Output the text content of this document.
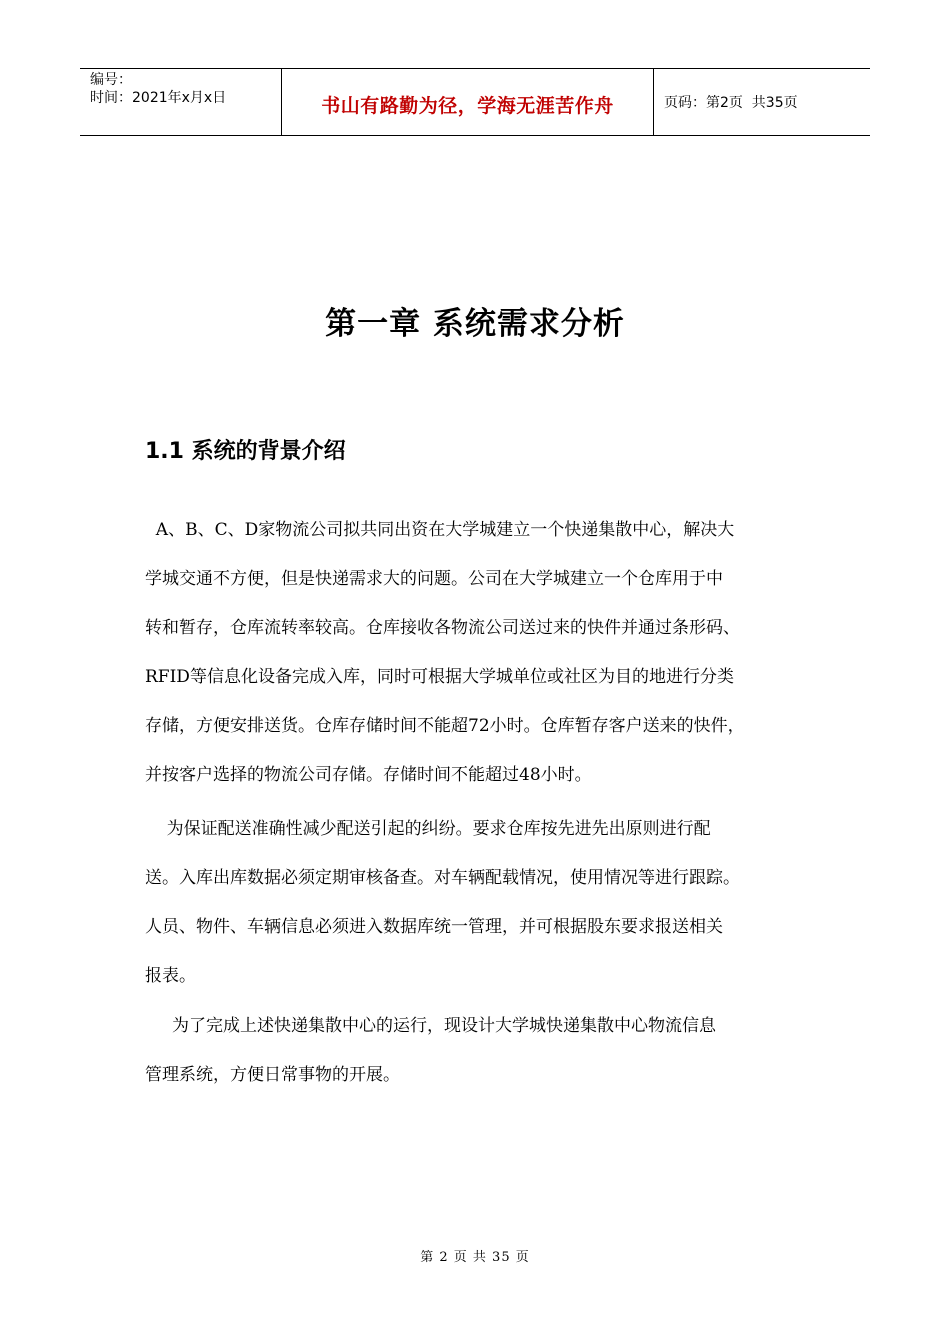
编号：
时间：2021年x月x日	书山有路勤为径，学海无涯苦作舟	页码：第2页  共35页
第一章 系统需求分析
1.1 系统的背景介绍
A、B、C、D家物流公司拟共同出资在大学城建立一个快递集散中心，解决大
学城交通不方便，但是快递需求大的问题。公司在大学城建立一个仓库用于中
转和暂存，仓库流转率较高。仓库接收各物流公司送过来的快件并通过条形码、
RFID等信息化设备完成入库，同时可根据大学城单位或社区为目的地进行分类
存储，方便安排送货。仓库存储时间不能超72小时。仓库暂存客户送来的快件，
并按客户选择的物流公司存储。存储时间不能超过48小时。
为保证配送准确性减少配送引起的纠纷。要求仓库按先进先出原则进行配
送。入库出库数据必须定期审核备查。对车辆配载情况，使用情况等进行跟踪。
人员、物件、车辆信息必须进入数据库统一管理，并可根据股东要求报送相关
报表。
为了完成上述快递集散中心的运行，现设计大学城快递集散中心物流信息
管理系统，方便日常事物的开展。
第 2 页 共 35 页
